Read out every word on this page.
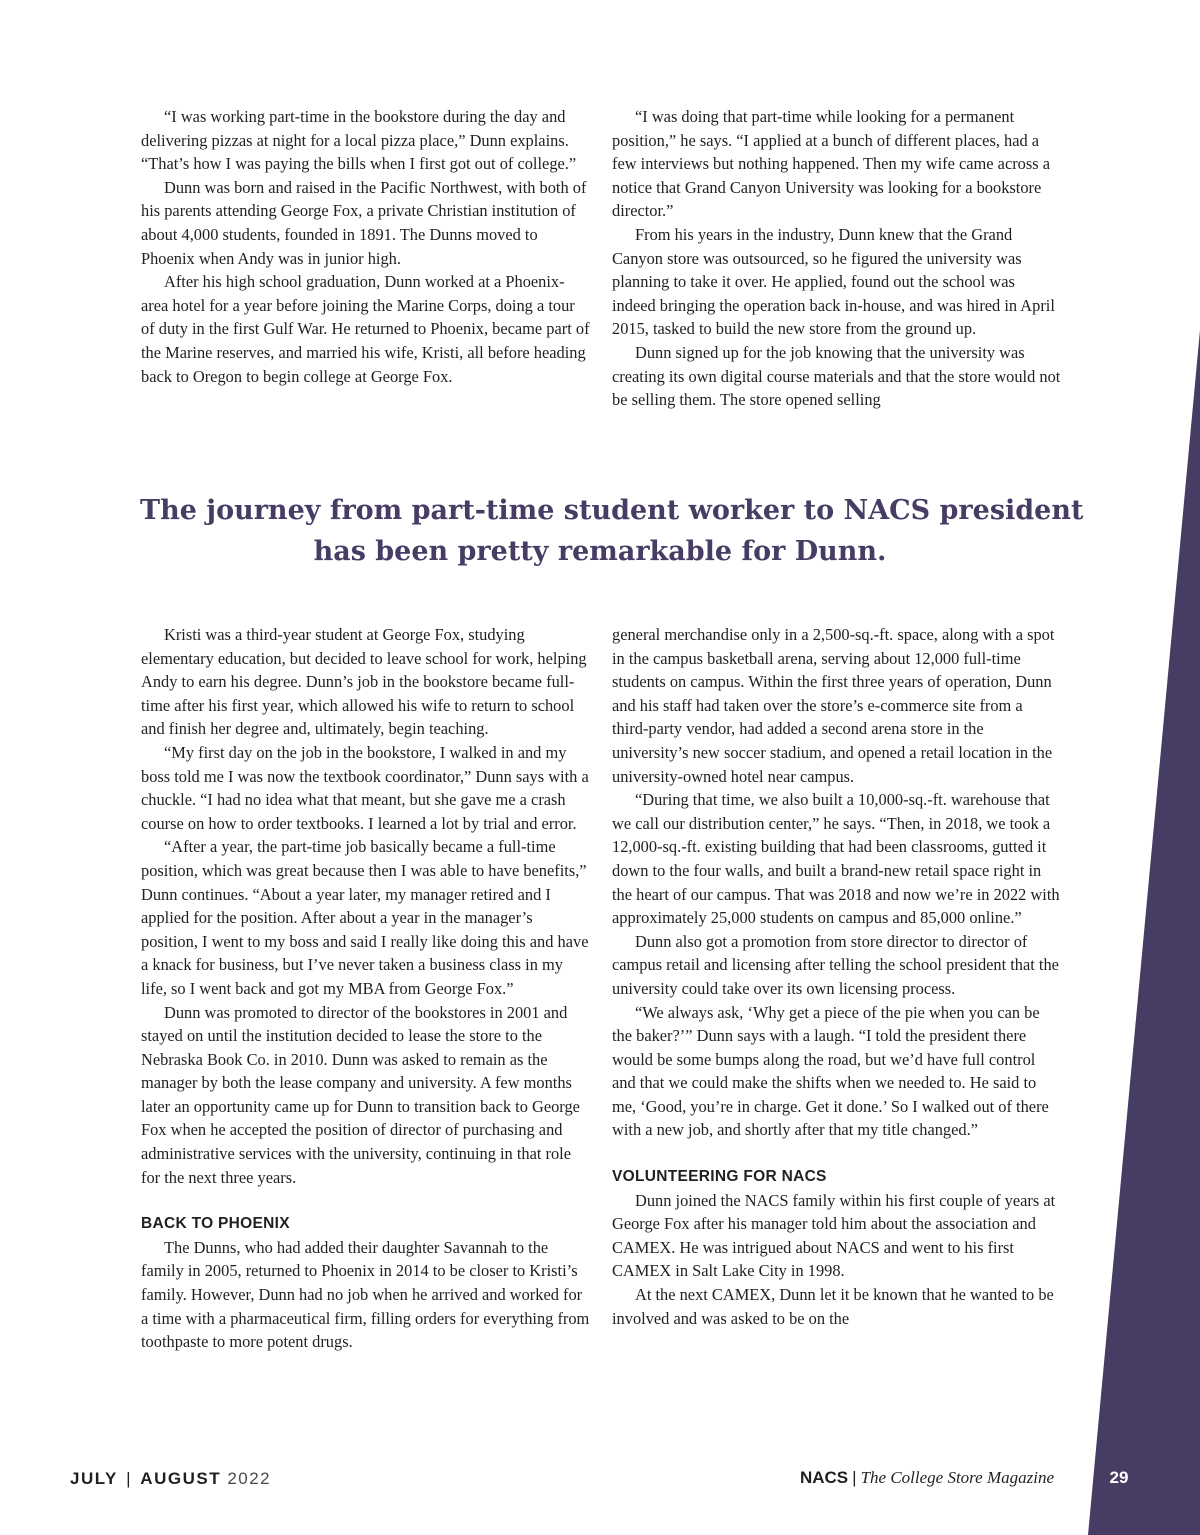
“I was working part-time in the bookstore during the day and delivering pizzas at night for a local pizza place,” Dunn explains. “That’s how I was paying the bills when I first got out of college.”

Dunn was born and raised in the Pacific Northwest, with both of his parents attending George Fox, a private Christian institution of about 4,000 students, founded in 1891. The Dunns moved to Phoenix when Andy was in junior high.

After his high school graduation, Dunn worked at a Phoenix-area hotel for a year before joining the Marine Corps, doing a tour of duty in the first Gulf War. He returned to Phoenix, became part of the Marine reserves, and married his wife, Kristi, all before heading back to Oregon to begin college at George Fox.

“I was doing that part-time while looking for a permanent position,” he says. “I applied at a bunch of different places, had a few interviews but nothing happened. Then my wife came across a notice that Grand Canyon University was looking for a bookstore director.”

From his years in the industry, Dunn knew that the Grand Canyon store was outsourced, so he figured the university was planning to take it over. He applied, found out the school was indeed bringing the operation back in-house, and was hired in April 2015, tasked to build the new store from the ground up.

Dunn signed up for the job knowing that the university was creating its own digital course materials and that the store would not be selling them. The store opened selling

The journey from part-time student worker to NACS president
has been pretty remarkable for Dunn.

Kristi was a third-year student at George Fox, studying elementary education, but decided to leave school for work, helping Andy to earn his degree. Dunn’s job in the bookstore became full-time after his first year, which allowed his wife to return to school and finish her degree and, ultimately, begin teaching.

“My first day on the job in the bookstore, I walked in and my boss told me I was now the textbook coordinator,” Dunn says with a chuckle. “I had no idea what that meant, but she gave me a crash course on how to order textbooks. I learned a lot by trial and error.

“After a year, the part-time job basically became a full-time position, which was great because then I was able to have benefits,” Dunn continues. “About a year later, my manager retired and I applied for the position. After about a year in the manager’s position, I went to my boss and said I really like doing this and have a knack for business, but I’ve never taken a business class in my life, so I went back and got my MBA from George Fox.”

Dunn was promoted to director of the bookstores in 2001 and stayed on until the institution decided to lease the store to the Nebraska Book Co. in 2010. Dunn was asked to remain as the manager by both the lease company and university. A few months later an opportunity came up for Dunn to transition back to George Fox when he accepted the position of director of purchasing and administrative services with the university, continuing in that role for the next three years.

BACK TO PHOENIX

The Dunns, who had added their daughter Savannah to the family in 2005, returned to Phoenix in 2014 to be closer to Kristi’s family. However, Dunn had no job when he arrived and worked for a time with a pharmaceutical firm, filling orders for everything from toothpaste to more potent drugs.

general merchandise only in a 2,500-sq.-ft. space, along with a spot in the campus basketball arena, serving about 12,000 full-time students on campus. Within the first three years of operation, Dunn and his staff had taken over the store’s e-commerce site from a third-party vendor, had added a second arena store in the university’s new soccer stadium, and opened a retail location in the university-owned hotel near campus.

“During that time, we also built a 10,000-sq.-ft. warehouse that we call our distribution center,” he says. “Then, in 2018, we took a 12,000-sq.-ft. existing building that had been classrooms, gutted it down to the four walls, and built a brand-new retail space right in the heart of our campus. That was 2018 and now we’re in 2022 with approximately 25,000 students on campus and 85,000 online.”

Dunn also got a promotion from store director to director of campus retail and licensing after telling the school president that the university could take over its own licensing process.

“We always ask, ‘Why get a piece of the pie when you can be the baker?’” Dunn says with a laugh. “I told the president there would be some bumps along the road, but we’d have full control and that we could make the shifts when we needed to. He said to me, ‘Good, you’re in charge. Get it done.’ So I walked out of there with a new job, and shortly after that my title changed.”

VOLUNTEERING FOR NACS

Dunn joined the NACS family within his first couple of years at George Fox after his manager told him about the association and CAMEX. He was intrigued about NACS and went to his first CAMEX in Salt Lake City in 1998.

At the next CAMEX, Dunn let it be known that he wanted to be involved and was asked to be on the

JULY | AUGUST 2022	NACS | The College Store Magazine	29
